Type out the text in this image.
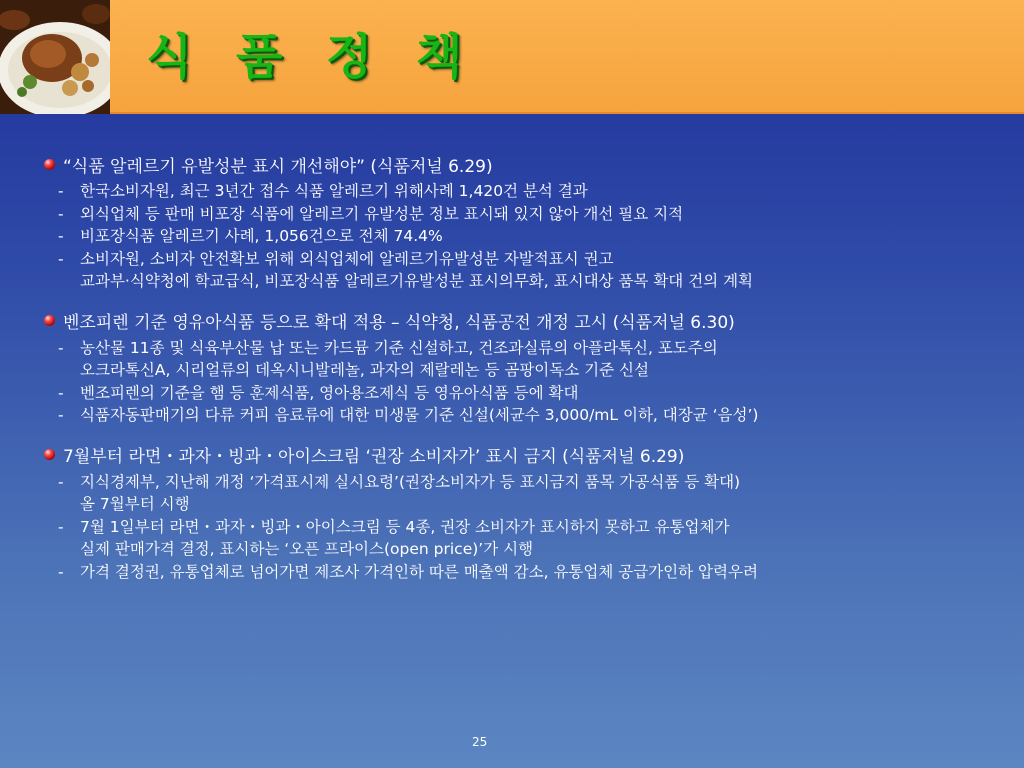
식 품 정 책
“식품 알레르기 유발성분 표시 개선해야” (식품저널 6.29)
-	한국소비자원, 최근 3년간 접수 식품 알레르기 위해사례 1,420건 분석 결과
-	외식업체 등 판매 비포장 식품에 알레르기 유발성분 정보 표시돼 있지 않아 개선 필요 지적
-	비포장식품 알레르기 사례, 1,056건으로 전체 74.4%
-	소비자원, 소비자 안전확보 위해 외식업체에 알레르기유발성분 자발적표시 권고
교과부·식약청에 학교급식, 비포장식품 알레르기유발성분 표시의무화, 표시대상 품목 확대 건의 계획
벤조피렌 기준 영유아식품 등으로 확대 적용 – 식약청, 식품공전 개정 고시 (식품저널 6.30)
-	농산물 11종 및 식육부산물 납 또는 카드뮴 기준 신설하고, 건조과실류의 아플라톡신, 포도주의
오크라톡신A, 시리얼류의 데옥시니발레놀, 과자의 제랄레논 등 곰팡이독소 기준 신설
-	벤조피렌의 기준을 햄 등 훈제식품, 영아용조제식 등 영유아식품 등에 확대
-	식품자동판매기의 다류 커피 음료류에 대한 미생물 기준 신설(세균수 3,000/mL 이하, 대장균 ‘음성’)
7월부터 라면・과자・빙과・아이스크림 ‘권장 소비자가’ 표시 금지 (식품저널 6.29)
-	지식경제부, 지난해 개정 ‘가격표시제 실시요령’(권장소비자가 등 표시금지 품목 가공식품 등 확대)
올 7월부터 시행
-	7월 1일부터 라면・과자・빙과・아이스크림 등 4종, 권장 소비자가 표시하지 못하고 유통업체가
실제 판매가격 결정, 표시하는 ‘오픈 프라이스(open price)’가 시행
-	가격 결정권, 유통업체로 넘어가면 제조사 가격인하 따른 매출액 감소, 유통업체 공급가인하 압력우려
25
